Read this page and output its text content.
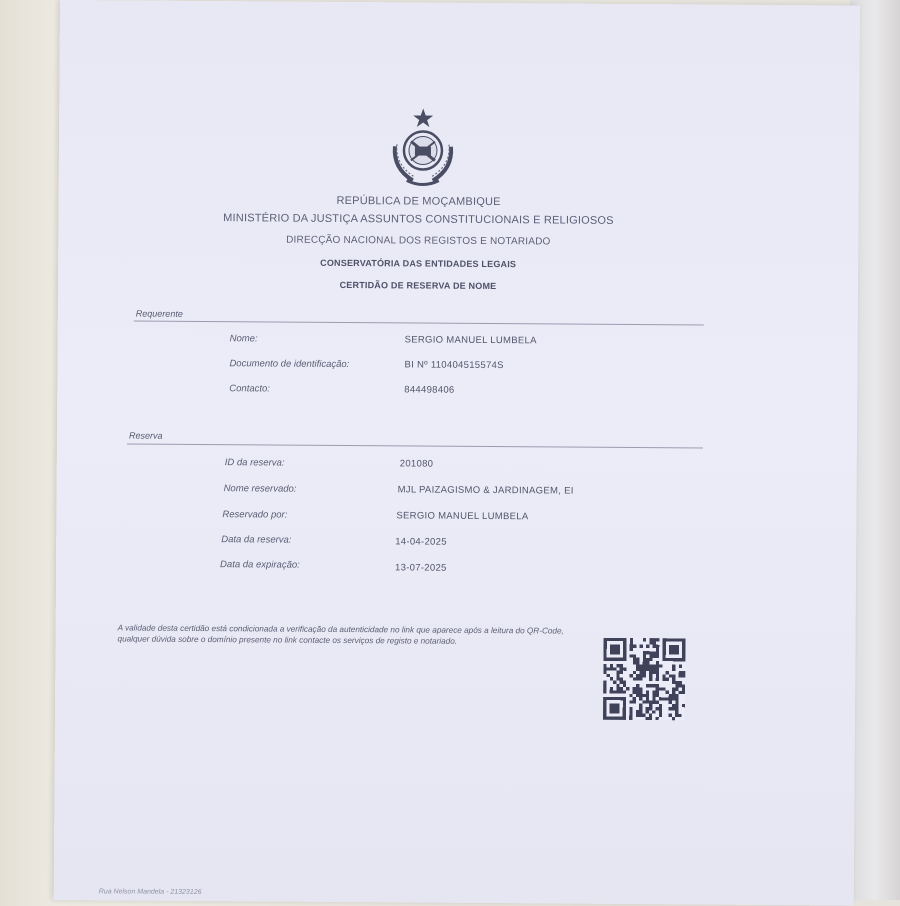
REPÚBLICA DE MOÇAMBIQUE
MINISTÉRIO DA JUSTIÇA ASSUNTOS CONSTITUCIONAIS E RELIGIOSOS
DIRECÇÃO NACIONAL DOS REGISTOS E NOTARIADO
CONSERVATÓRIA DAS ENTIDADES LEGAIS
CERTIDÃO DE RESERVA DE NOME
Requerente
Nome:	SERGIO MANUEL LUMBELA
Documento de identificação:	BI Nº 110404515574S
Contacto:	844498406
Reserva
ID da reserva:	201080
Nome reservado:	MJL PAIZAGISMO & JARDINAGEM, EI
Reservado por:	SERGIO MANUEL LUMBELA
Data da reserva:	14-04-2025
Data da expiração:	13-07-2025
A validade desta certidão está condicionada a verificação da autenticidade no link que aparece após a leitura do QR-Code, qualquer dúvida sobre o domínio presente no link contacte os serviços de registo e notariado.
Rua Nelson Mandela - 21323126
